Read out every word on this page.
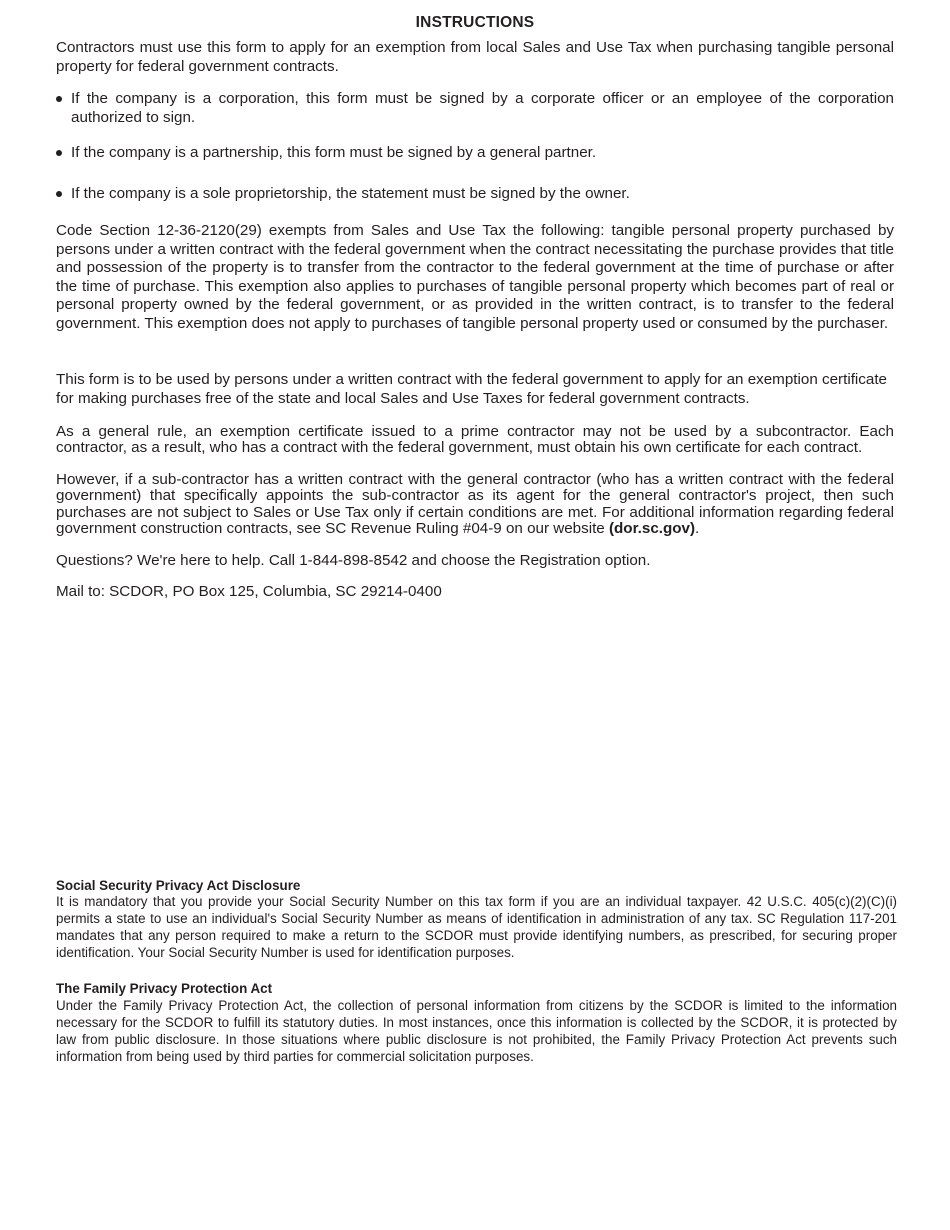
INSTRUCTIONS

Contractors must use this form to apply for an exemption from local Sales and Use Tax when purchasing tangible personal property for federal government contracts.

If the company is a corporation, this form must be signed by a corporate officer or an employee of the corporation authorized to sign.
If the company is a partnership, this form must be signed by a general partner.
If the company is a sole proprietorship, the statement must be signed by the owner.

Code Section 12-36-2120(29) exempts from Sales and Use Tax the following: tangible personal property purchased by persons under a written contract with the federal government when the contract necessitating the purchase provides that title and possession of the property is to transfer from the contractor to the federal government at the time of purchase or after the time of purchase. This exemption also applies to purchases of tangible personal property which becomes part of real or personal property owned by the federal government, or as provided in the written contract, is to transfer to the federal government. This exemption does not apply to purchases of tangible personal property used or consumed by the purchaser.

This form is to be used by persons under a written contract with the federal government to apply for an exemption certificate for making purchases free of the state and local Sales and Use Taxes for federal government contracts.

As a general rule, an exemption certificate issued to a prime contractor may not be used by a subcontractor. Each contractor, as a result, who has a contract with the federal government, must obtain his own certificate for each contract.

However, if a sub-contractor has a written contract with the general contractor (who has a written contract with the federal government) that specifically appoints the sub-contractor as its agent for the general contractor's project, then such purchases are not subject to Sales or Use Tax only if certain conditions are met. For additional information regarding federal government construction contracts, see SC Revenue Ruling #04-9 on our website (dor.sc.gov).

Questions? We're here to help. Call 1-844-898-8542 and choose the Registration option.

Mail to: SCDOR, PO Box 125, Columbia, SC 29214-0400

Social Security Privacy Act Disclosure

It is mandatory that you provide your Social Security Number on this tax form if you are an individual taxpayer. 42 U.S.C. 405(c)(2)(C)(i) permits a state to use an individual's Social Security Number as means of identification in administration of any tax. SC Regulation 117-201 mandates that any person required to make a return to the SCDOR must provide identifying numbers, as prescribed, for securing proper identification. Your Social Security Number is used for identification purposes.

The Family Privacy Protection Act

Under the Family Privacy Protection Act, the collection of personal information from citizens by the SCDOR is limited to the information necessary for the SCDOR to fulfill its statutory duties. In most instances, once this information is collected by the SCDOR, it is protected by law from public disclosure. In those situations where public disclosure is not prohibited, the Family Privacy Protection Act prevents such information from being used by third parties for commercial solicitation purposes.
